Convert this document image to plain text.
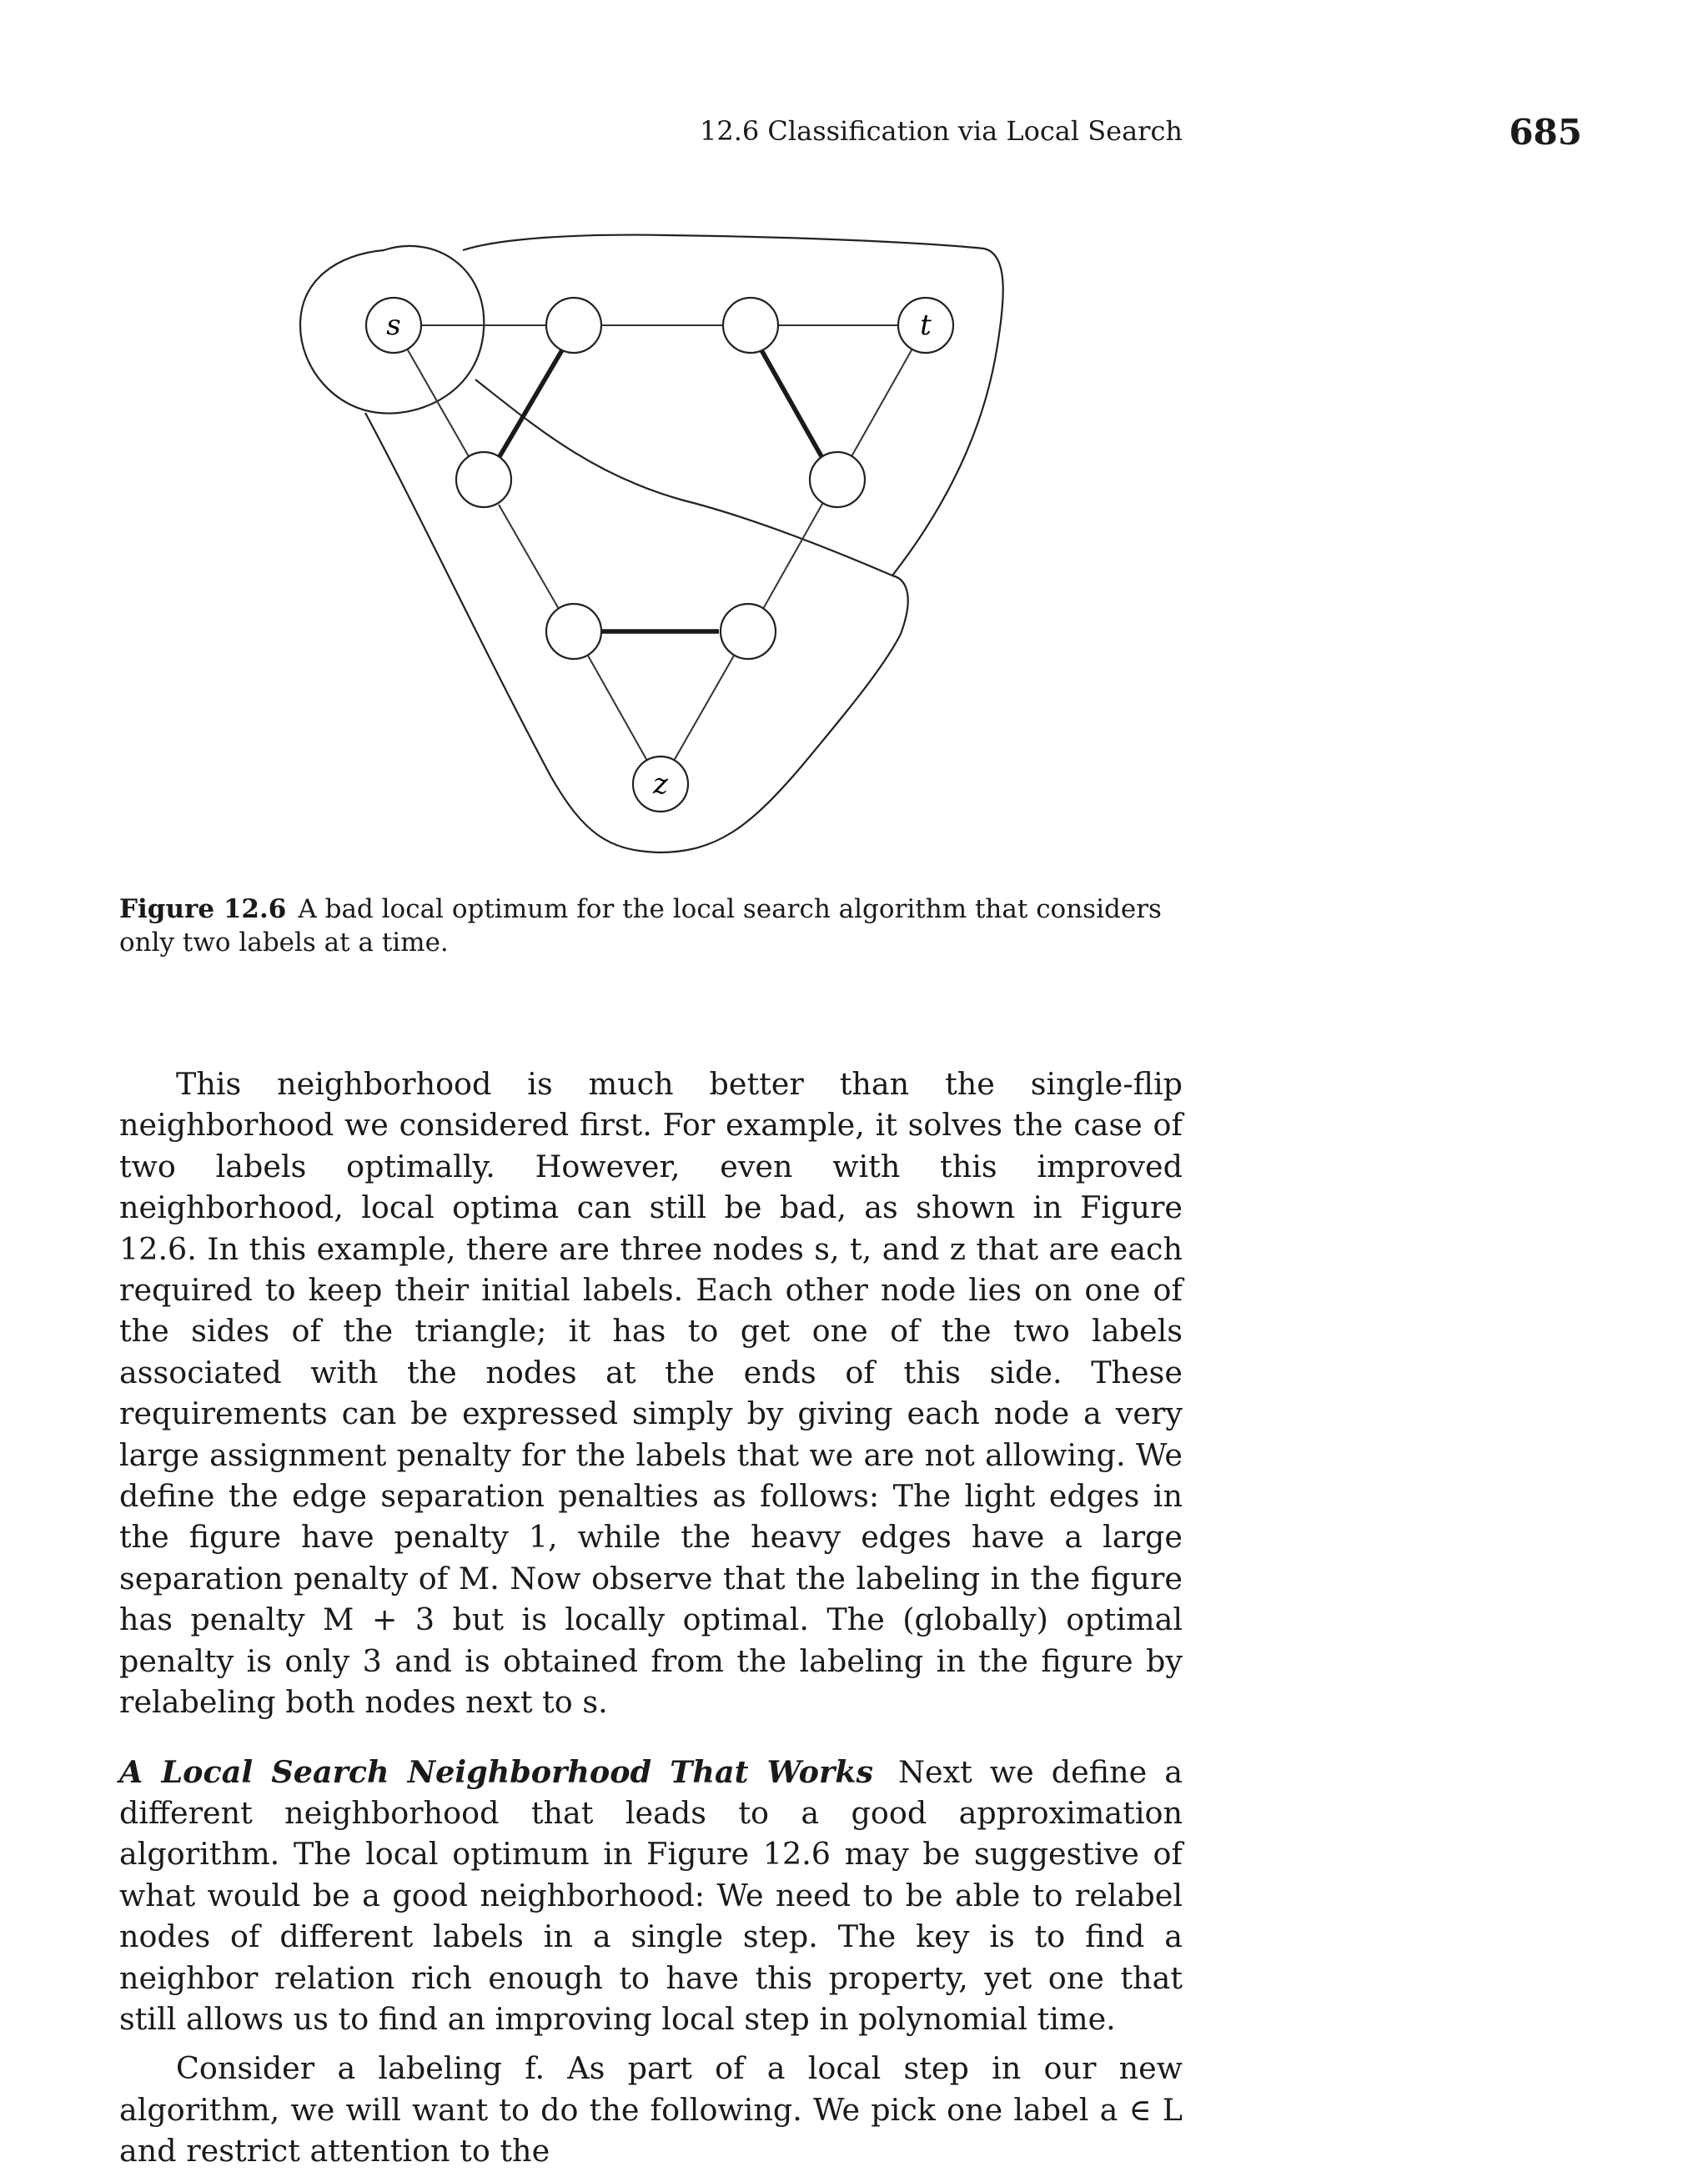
12.6 Classification via Local Search	685
s	t
z
Figure 12.6 A bad local optimum for the local search algorithm that considers only two labels at a time.

This neighborhood is much better than the single-flip neighborhood we considered first. For example, it solves the case of two labels optimally. However, even with this improved neighborhood, local optima can still be bad, as shown in Figure 12.6. In this example, there are three nodes s, t, and z that are each required to keep their initial labels. Each other node lies on one of the sides of the triangle; it has to get one of the two labels associated with the nodes at the ends of this side. These requirements can be expressed simply by giving each node a very large assignment penalty for the labels that we are not allowing. We define the edge separation penalties as follows: The light edges in the figure have penalty 1, while the heavy edges have a large separation penalty of M. Now observe that the labeling in the figure has penalty M + 3 but is locally optimal. The (globally) optimal penalty is only 3 and is obtained from the labeling in the figure by relabeling both nodes next to s.

A Local Search Neighborhood That Works Next we define a different neighborhood that leads to a good approximation algorithm. The local optimum in Figure 12.6 may be suggestive of what would be a good neighborhood: We need to be able to relabel nodes of different labels in a single step. The key is to find a neighbor relation rich enough to have this property, yet one that still allows us to find an improving local step in polynomial time.

Consider a labeling f. As part of a local step in our new algorithm, we will want to do the following. We pick one label a ∈ L and restrict attention to the
